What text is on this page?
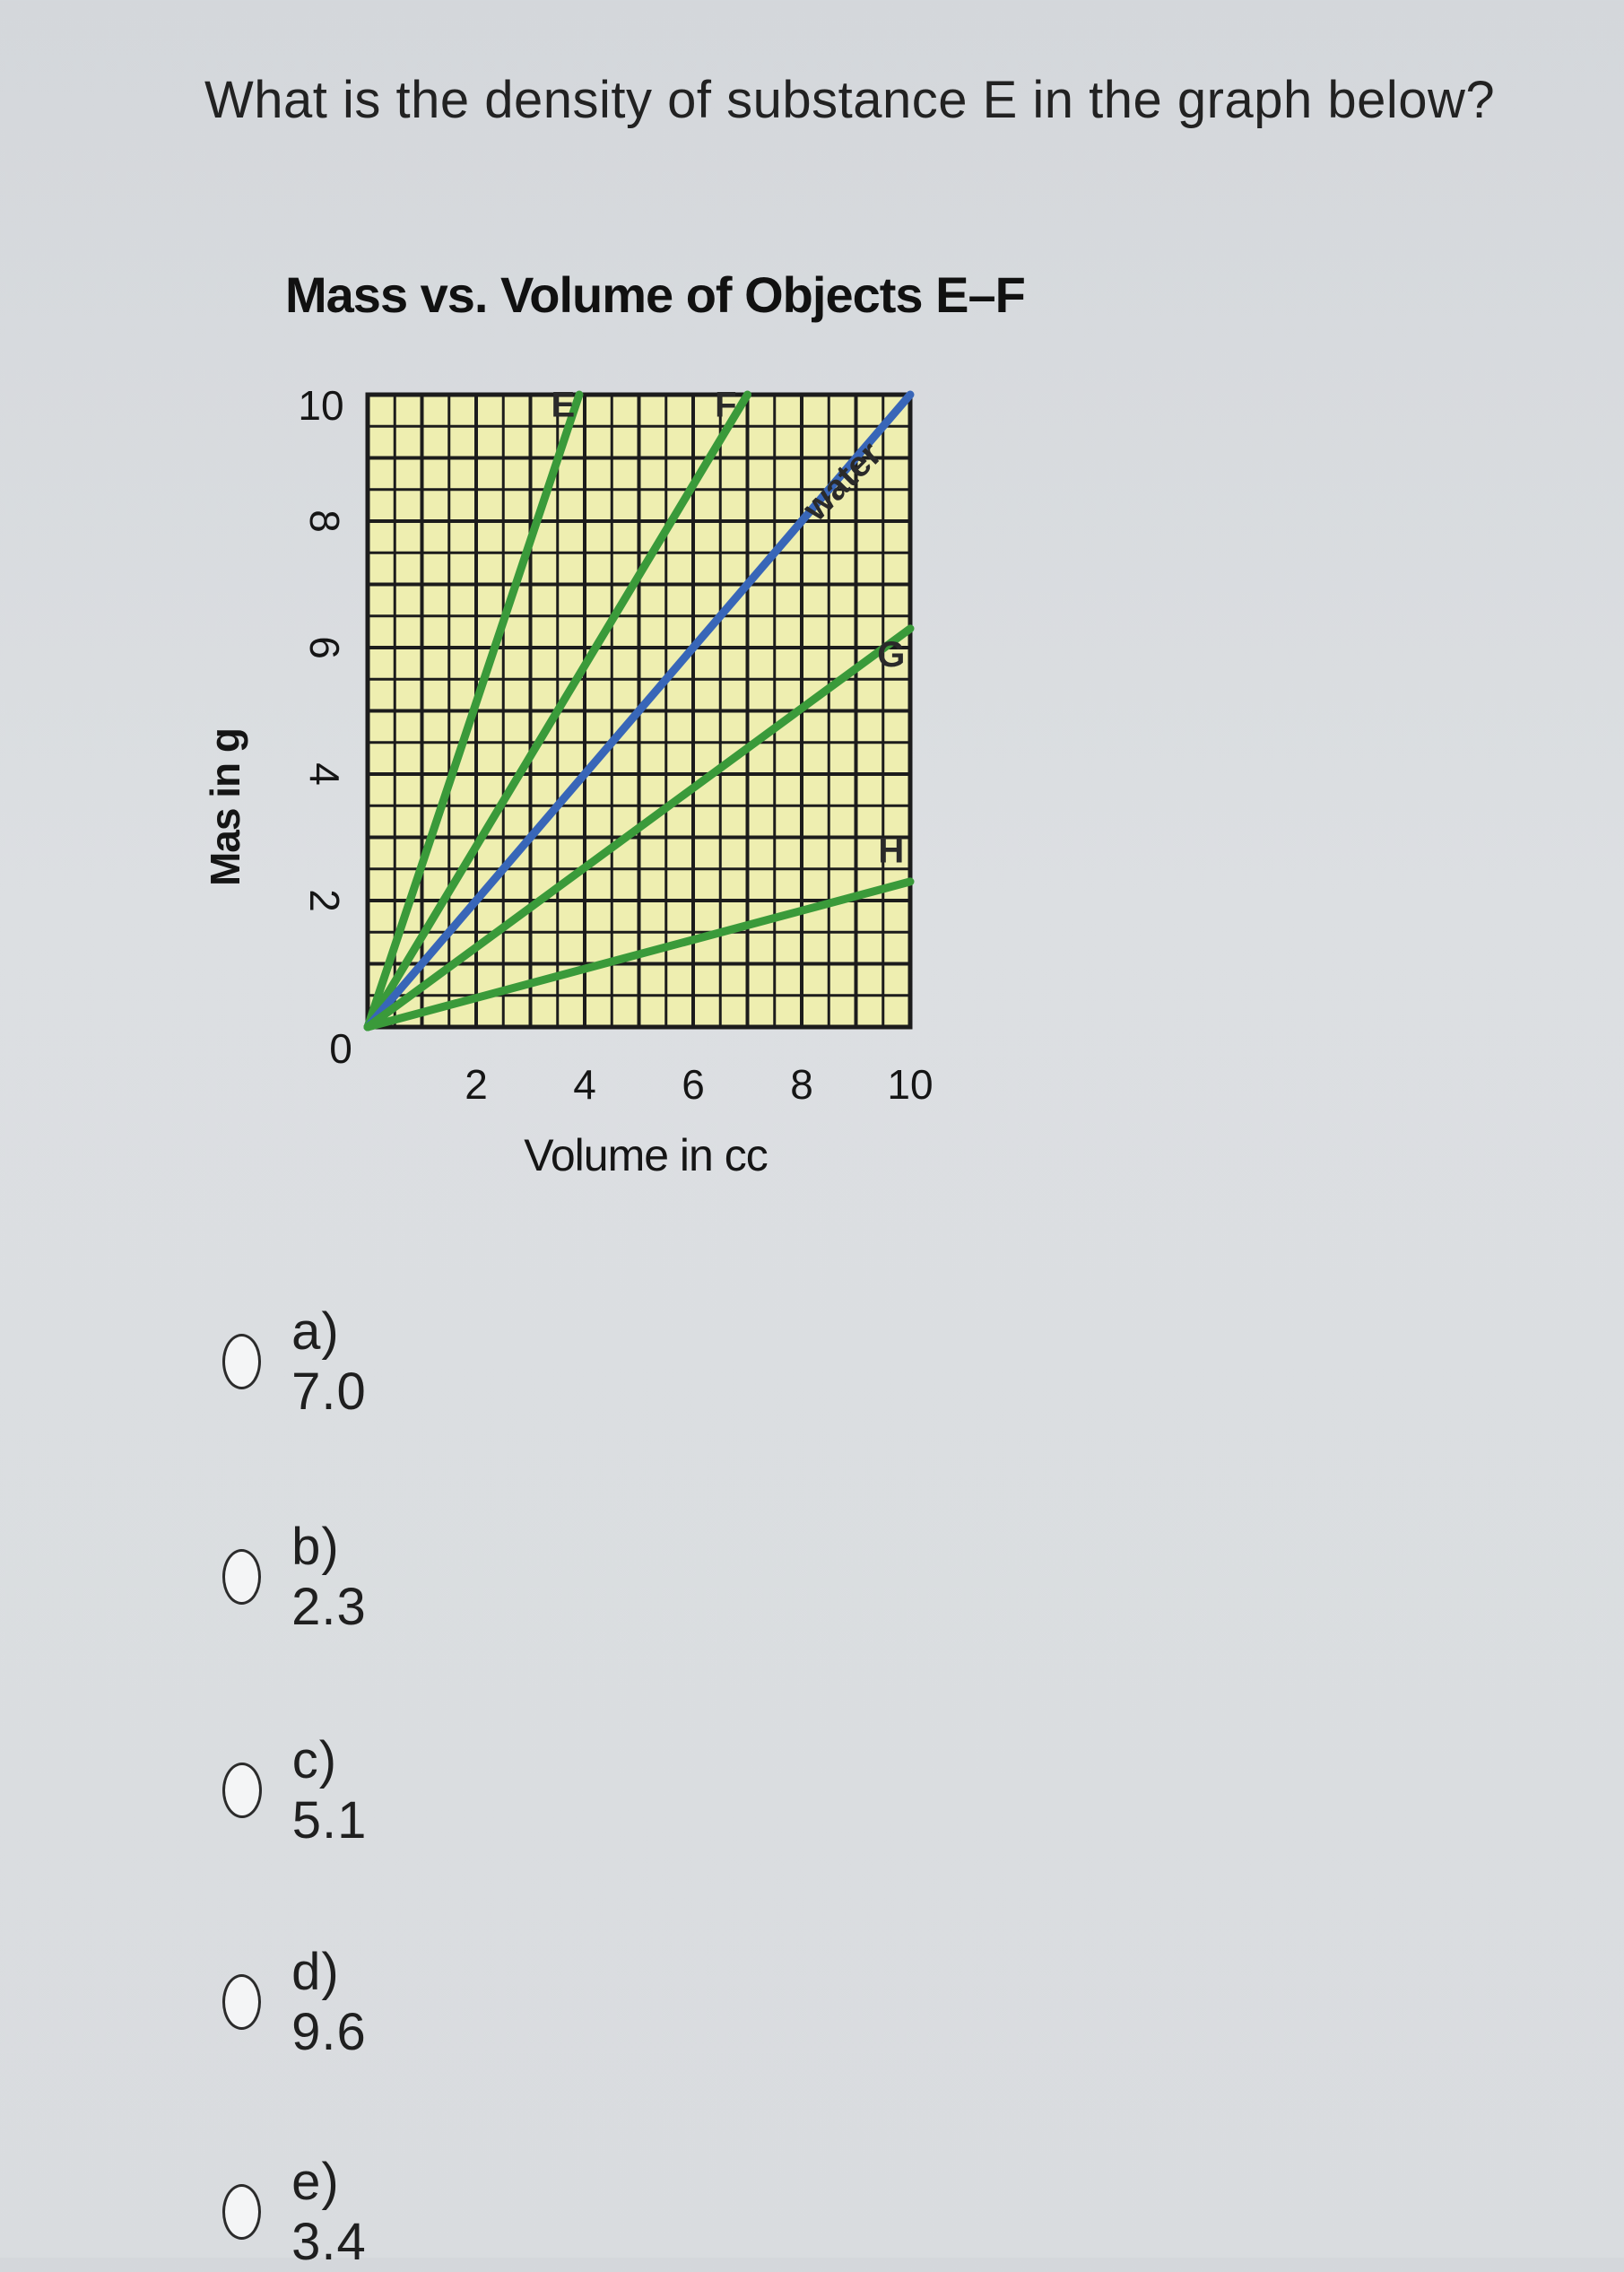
What is the density of substance E in the graph below?
Mass vs. Volume of Objects E–F
E	F
water
G
H
2 4 6 8 10
0
2
4
6
8
10
Mas in g
Volume in cc
a) 7.0
b) 2.3
c) 5.1
d) 9.6
e) 3.4
